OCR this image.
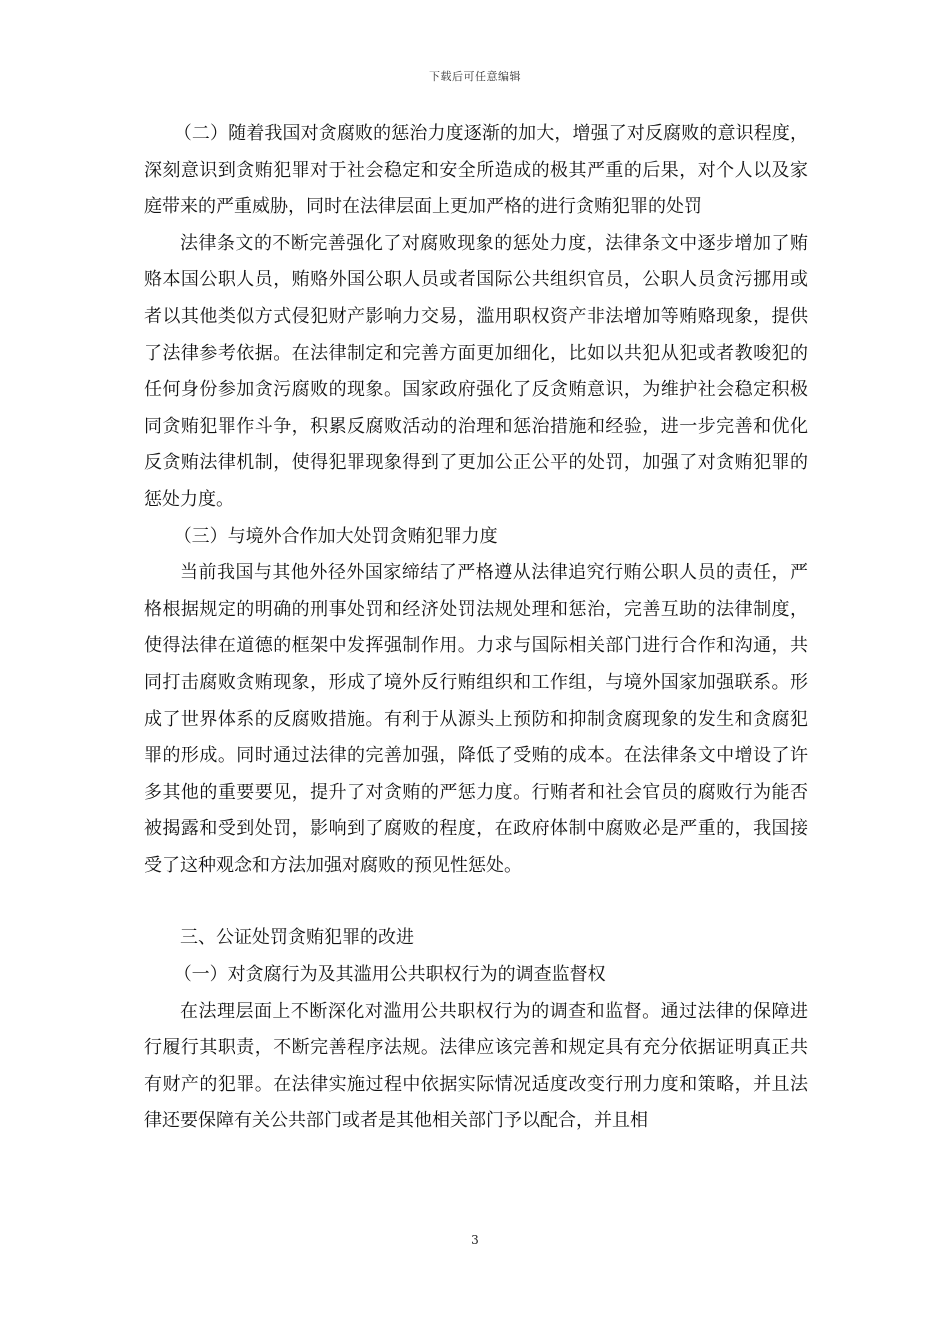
下载后可任意编辑

（二）随着我国对贪腐败的惩治力度逐渐的加大，增强了对反腐败的意识程度，深刻意识到贪贿犯罪对于社会稳定和安全所造成的极其严重的后果，对个人以及家庭带来的严重威胁，同时在法律层面上更加严格的进行贪贿犯罪的处罚

法律条文的不断完善强化了对腐败现象的惩处力度，法律条文中逐步增加了贿赂本国公职人员，贿赂外国公职人员或者国际公共组织官员，公职人员贪污挪用或者以其他类似方式侵犯财产影响力交易，滥用职权资产非法增加等贿赂现象，提供了法律参考依据。在法律制定和完善方面更加细化，比如以共犯从犯或者教唆犯的任何身份参加贪污腐败的现象。国家政府强化了反贪贿意识，为维护社会稳定积极同贪贿犯罪作斗争，积累反腐败活动的治理和惩治措施和经验，进一步完善和优化反贪贿法律机制，使得犯罪现象得到了更加公正公平的处罚，加强了对贪贿犯罪的惩处力度。

（三）与境外合作加大处罚贪贿犯罪力度

当前我国与其他外径外国家缔结了严格遵从法律追究行贿公职人员的责任，严格根据规定的明确的刑事处罚和经济处罚法规处理和惩治，完善互助的法律制度，使得法律在道德的框架中发挥强制作用。力求与国际相关部门进行合作和沟通，共同打击腐败贪贿现象，形成了境外反行贿组织和工作组，与境外国家加强联系。形成了世界体系的反腐败措施。有利于从源头上预防和抑制贪腐现象的发生和贪腐犯罪的形成。同时通过法律的完善加强，降低了受贿的成本。在法律条文中增设了许多其他的重要要见，提升了对贪贿的严惩力度。行贿者和社会官员的腐败行为能否被揭露和受到处罚，影响到了腐败的程度，在政府体制中腐败必是严重的，我国接受了这种观念和方法加强对腐败的预见性惩处。

三、公证处罚贪贿犯罪的改进

（一）对贪腐行为及其滥用公共职权行为的调查监督权

在法理层面上不断深化对滥用公共职权行为的调查和监督。通过法律的保障进行履行其职责，不断完善程序法规。法律应该完善和规定具有充分依据证明真正共有财产的犯罪。在法律实施过程中依据实际情况适度改变行刑力度和策略，并且法律还要保障有关公共部门或者是其他相关部门予以配合，并且相

3
